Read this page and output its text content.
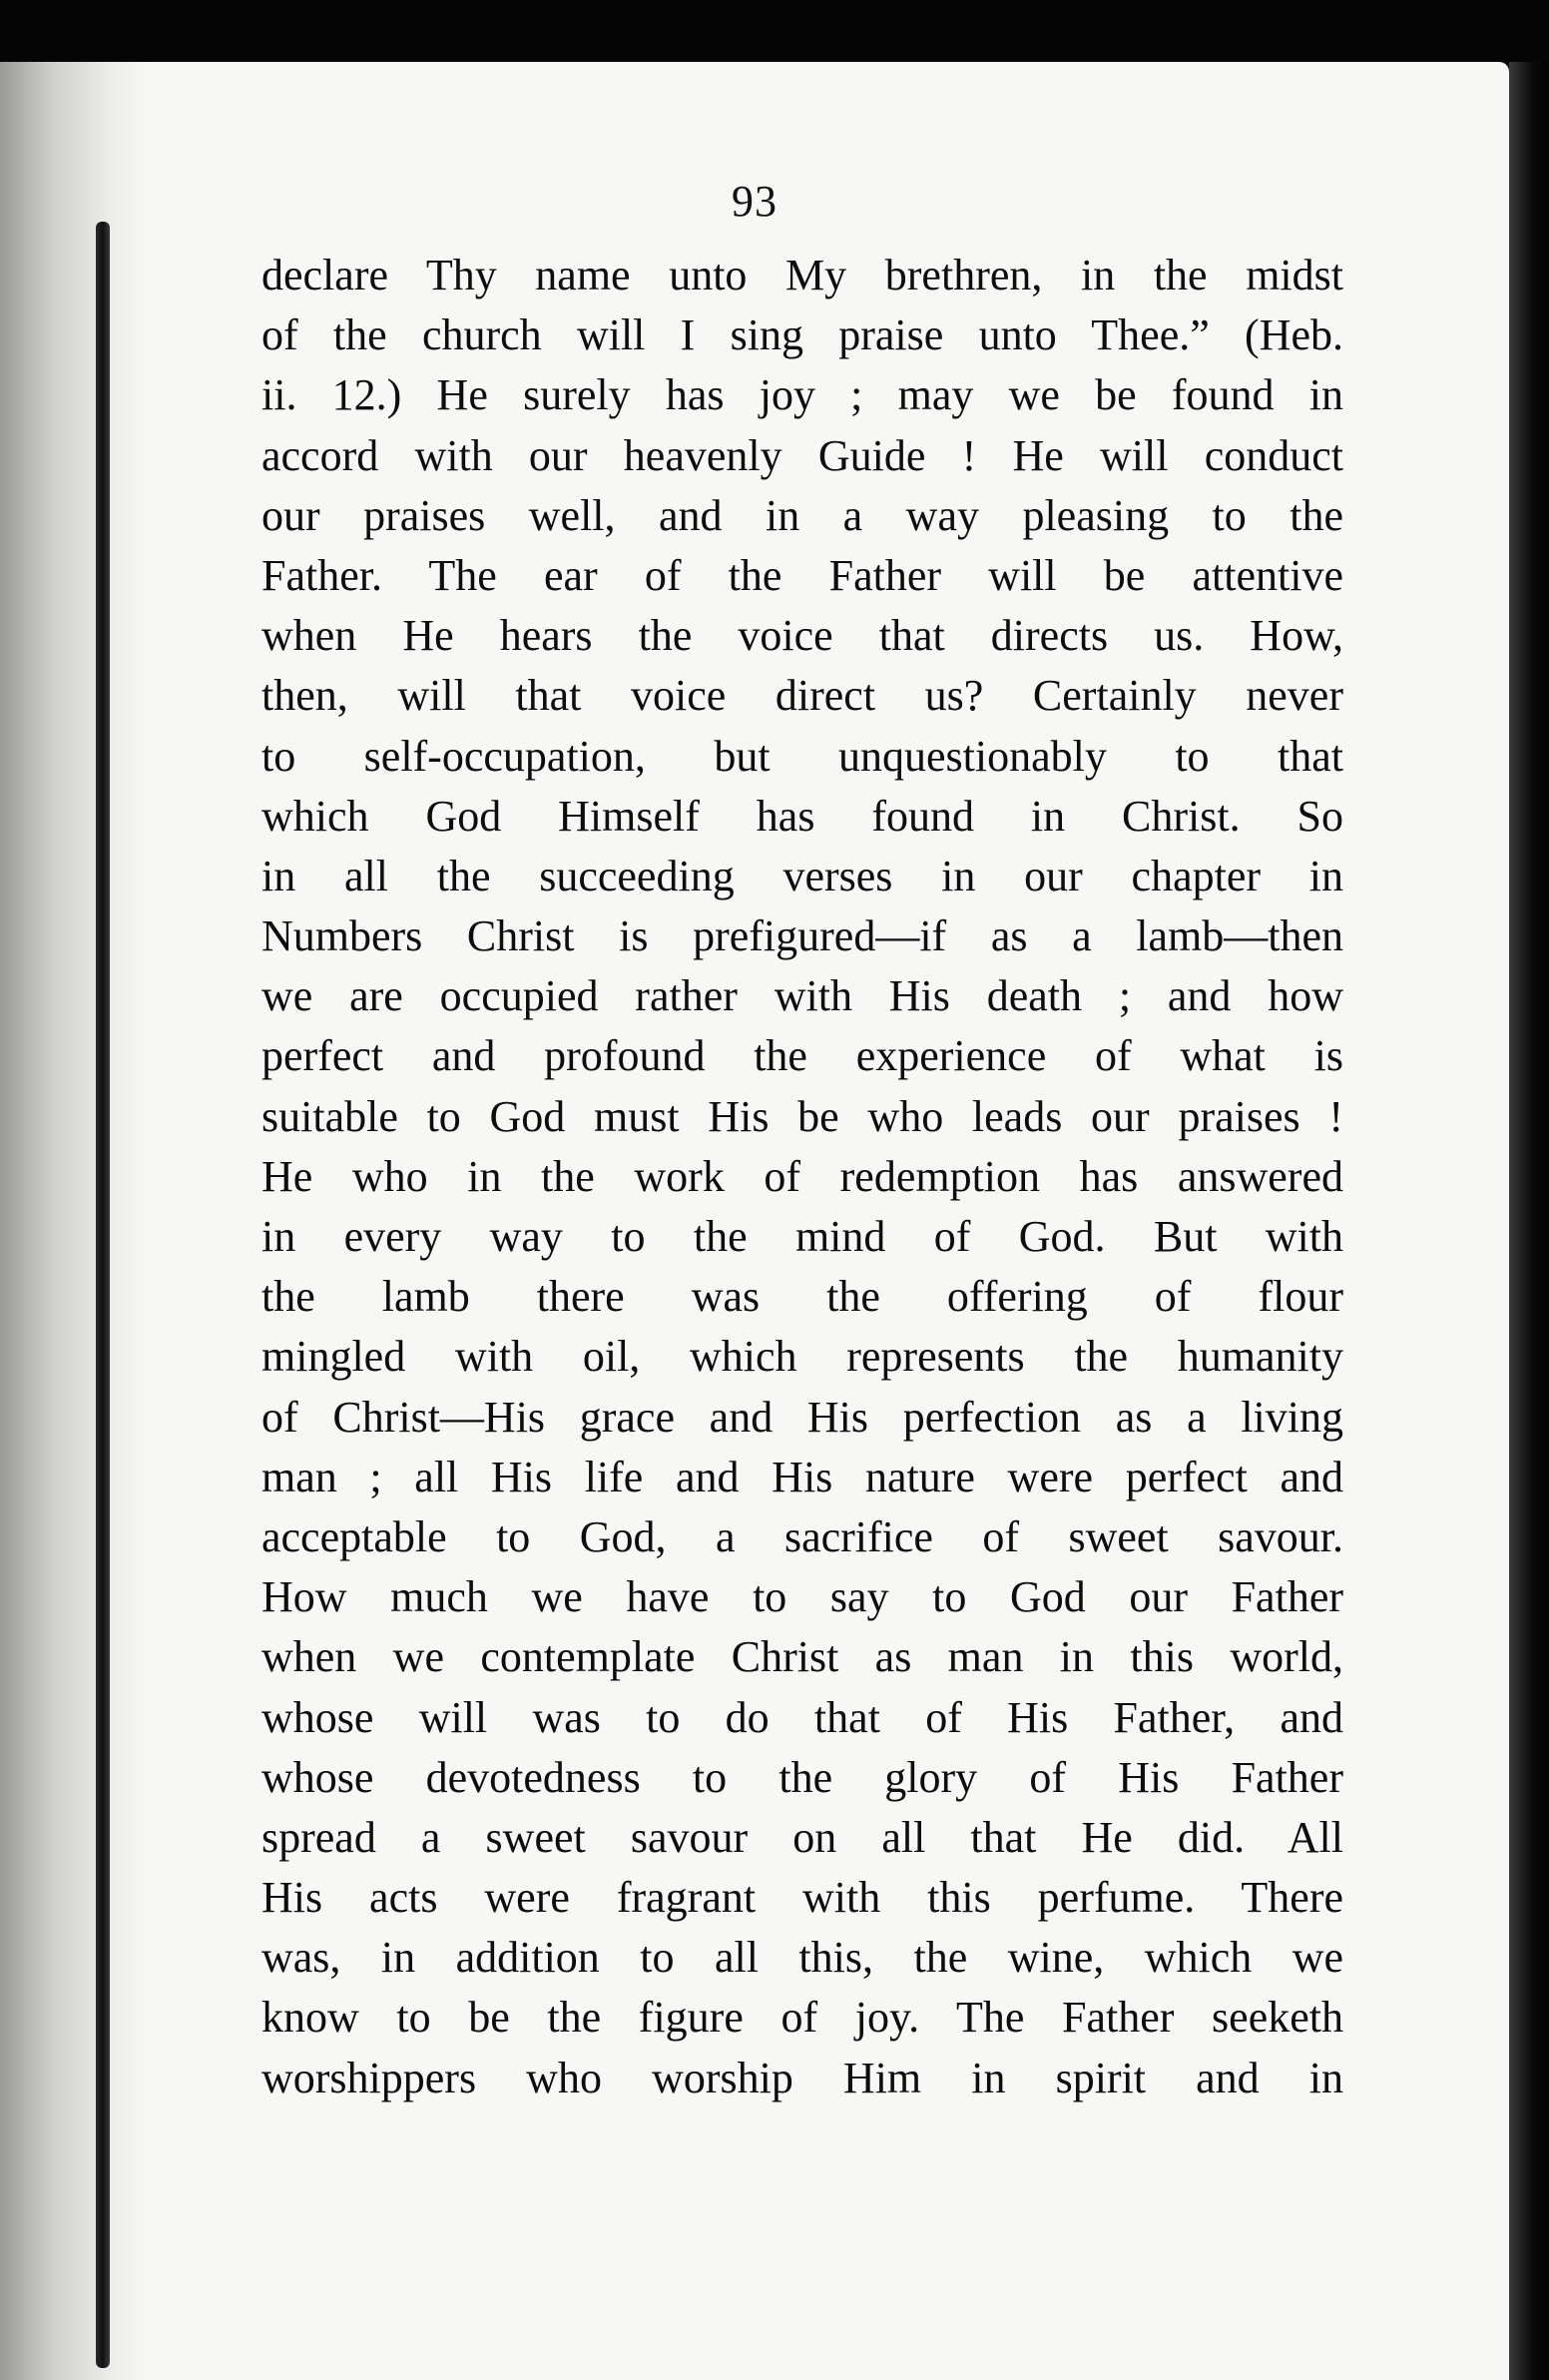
93
declare Thy name unto My brethren, in the midst
of the church will I sing praise unto Thee.” (Heb.
ii. 12.) He surely has joy ; may we be found in
accord with our heavenly Guide ! He will conduct
our praises well, and in a way pleasing to the
Father. The ear of the Father will be attentive
when He hears the voice that directs us. How,
then, will that voice direct us? Certainly never
to self-occupation, but unquestionably to that
which God Himself has found in Christ. So
in all the succeeding verses in our chapter in
Numbers Christ is prefigured—if as a lamb—then
we are occupied rather with His death ; and how
perfect and profound the experience of what is
suitable to God must His be who leads our praises !
He who in the work of redemption has answered
in every way to the mind of God. But with
the lamb there was the offering of flour
mingled with oil, which represents the humanity
of Christ—His grace and His perfection as a living
man ; all His life and His nature were perfect and
acceptable to God, a sacrifice of sweet savour.
How much we have to say to God our Father
when we contemplate Christ as man in this world,
whose will was to do that of His Father, and
whose devotedness to the glory of His Father
spread a sweet savour on all that He did. All
His acts were fragrant with this perfume. There
was, in addition to all this, the wine, which we
know to be the figure of joy. The Father seeketh
worshippers who worship Him in spirit and in
